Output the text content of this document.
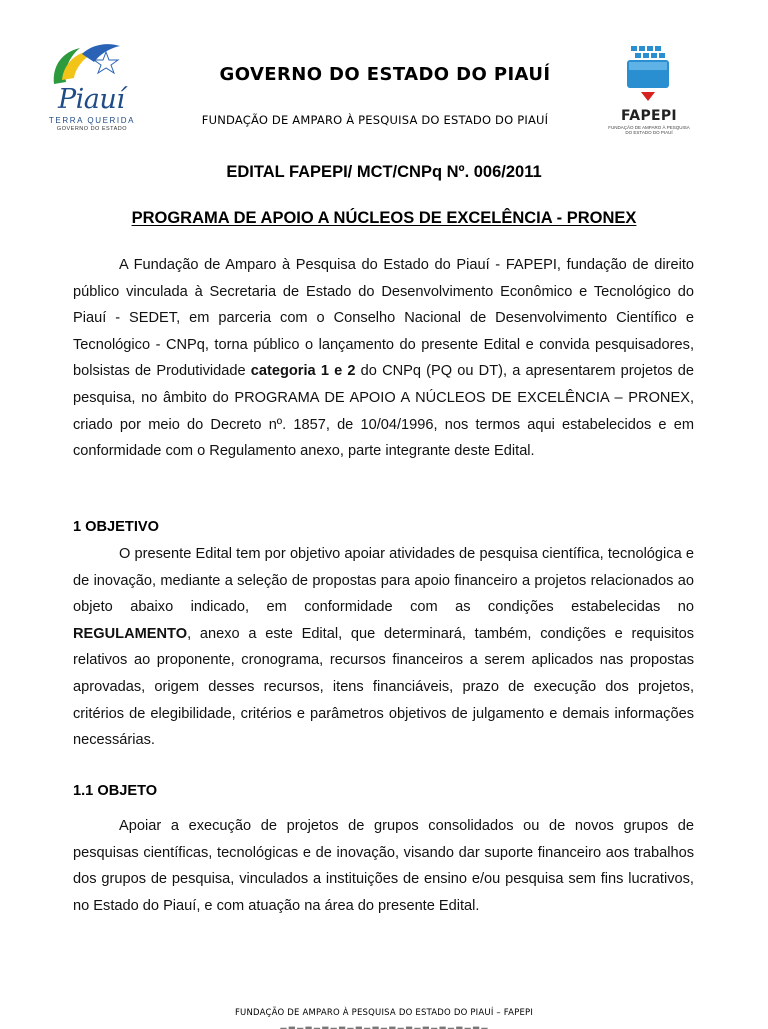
Piauí
TERRA QUERIDA
GOVERNO DO ESTADO
GOVERNO DO ESTADO DO PIAUÍ
FUNDAÇÃO DE AMPARO À PESQUISA DO ESTADO DO PIAUÍ	FAPEPI
FUNDAÇÃO DE AMPARO À PESQUISA
DO ESTADO DO PIAUÍ
EDITAL FAPEPI/ MCT/CNPq Nº. 006/2011
PROGRAMA DE APOIO A NÚCLEOS DE EXCELÊNCIA - PRONEX

A Fundação de Amparo à Pesquisa do Estado do Piauí - FAPEPI, fundação de direito público vinculada à Secretaria de Estado do Desenvolvimento Econômico e Tecnológico do Piauí - SEDET, em parceria com o Conselho Nacional de Desenvolvimento Científico e Tecnológico - CNPq, torna público o lançamento do presente Edital e convida pesquisadores, bolsistas de Produtividade categoria 1 e 2 do CNPq (PQ ou DT), a apresentarem projetos de pesquisa, no âmbito do PROGRAMA DE APOIO A NÚCLEOS DE EXCELÊNCIA – PRONEX, criado por meio do Decreto nº. 1857, de 10/04/1996, nos termos aqui estabelecidos e em conformidade com o Regulamento anexo, parte integrante deste Edital.

1 OBJETIVO

O presente Edital tem por objetivo apoiar atividades de pesquisa científica, tecnológica e de inovação, mediante a seleção de propostas para apoio financeiro a projetos relacionados ao objeto abaixo indicado, em conformidade com as condições estabelecidas no REGULAMENTO, anexo a este Edital, que determinará, também, condições e requisitos relativos ao proponente, cronograma, recursos financeiros a serem aplicados nas propostas aprovadas, origem desses recursos, itens financiáveis, prazo de execução dos projetos, critérios de elegibilidade, critérios e parâmetros objetivos de julgamento e demais informações necessárias.

1.1 OBJETO

Apoiar a execução de projetos de grupos consolidados ou de novos grupos de pesquisas científicas, tecnológicas e de inovação, visando dar suporte financeiro aos trabalhos dos grupos de pesquisa, vinculados a instituições de ensino e/ou pesquisa sem fins lucrativos, no Estado do Piauí, e com atuação na área do presente Edital.

FUNDAÇÃO DE AMPARO À PESQUISA DO ESTADO DO PIAUÍ – FAPEPI
▁ ▂ ▁ ▂ ▁ ▂ ▁ ▂ ▁ ▂ ▁ ▂ ▁ ▂ ▁ ▂ ▁ ▂ ▁ ▂ ▁ ▂ ▁ ▂ ▁
